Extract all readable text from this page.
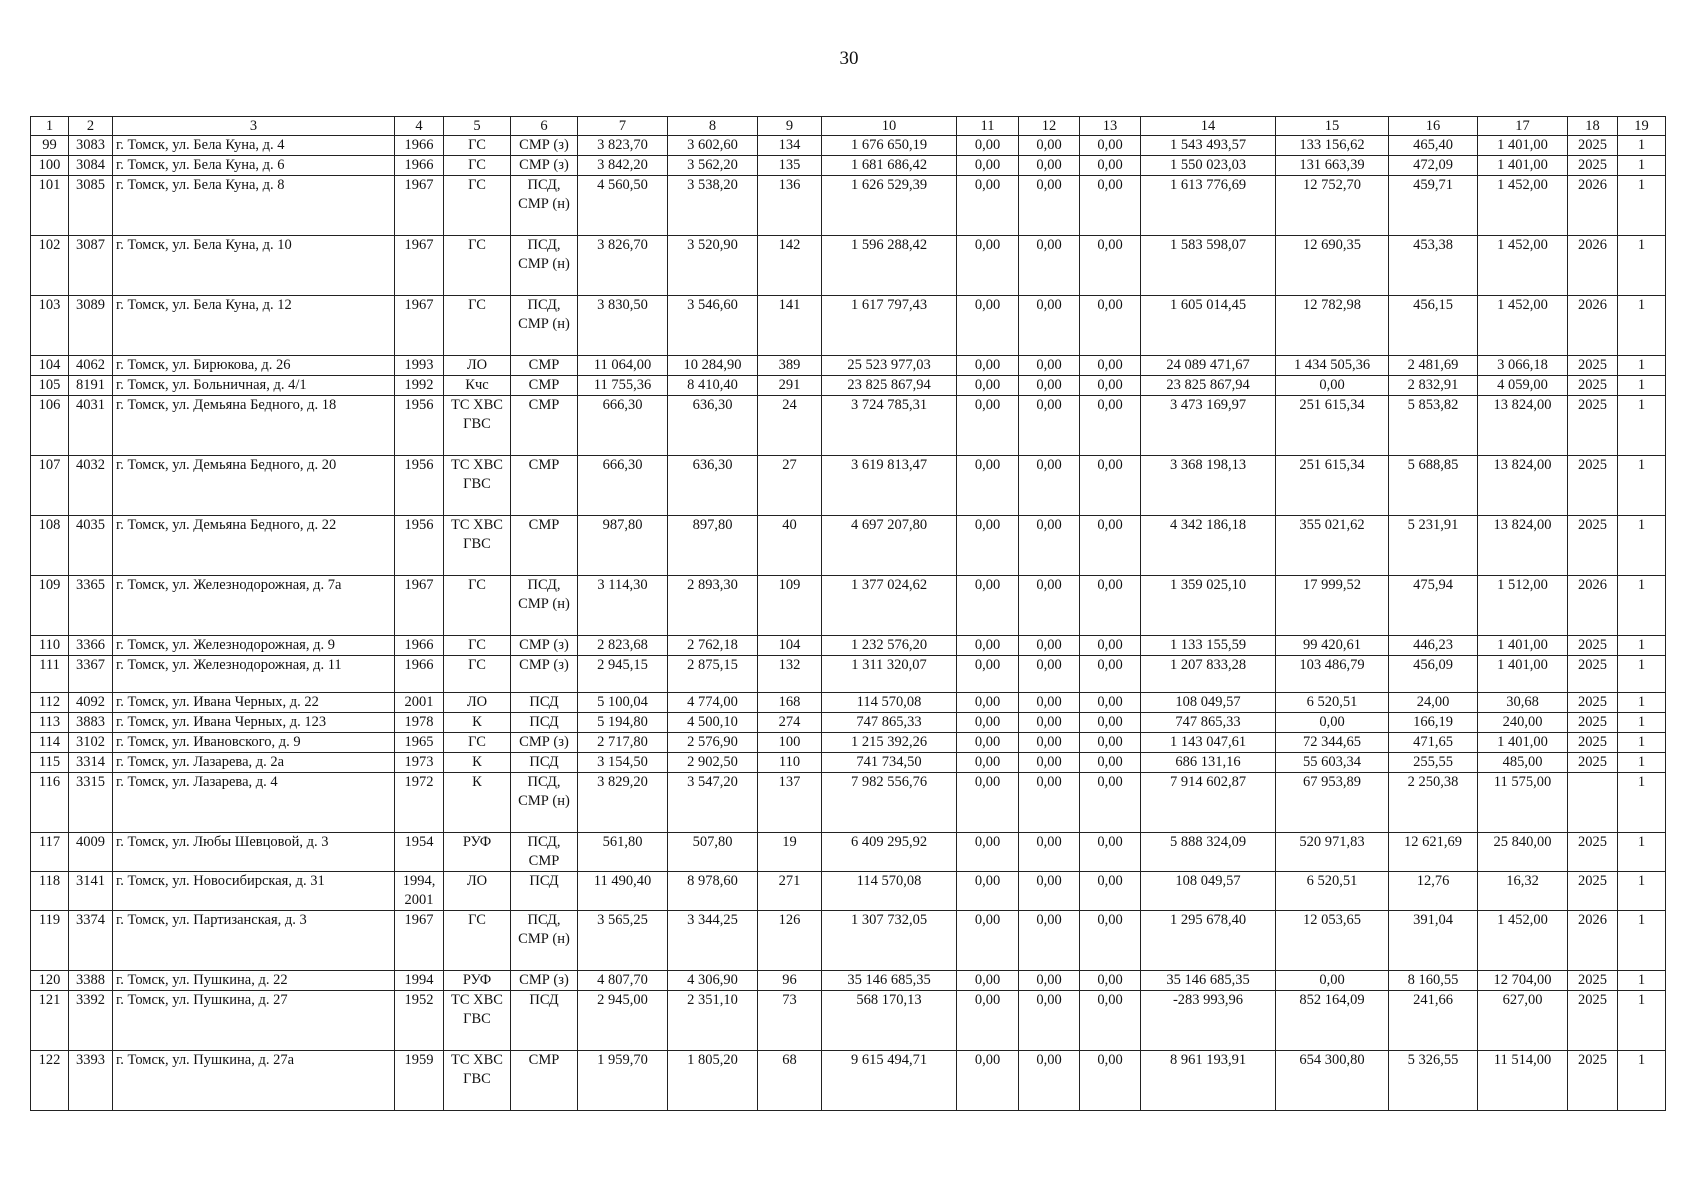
30
1	2	3	4	5	6	7	8	9	10	11	12	13	14	15	16	17	18	19
99	3083	г. Томск, ул. Бела Куна, д. 4	1966	ГС	СМР (з)	3 823,70	3 602,60	134	1 676 650,19	0,00	0,00	0,00	1 543 493,57	133 156,62	465,40	1 401,00	2025	1
100	3084	г. Томск, ул. Бела Куна, д. 6	1966	ГС	СМР (з)	3 842,20	3 562,20	135	1 681 686,42	0,00	0,00	0,00	1 550 023,03	131 663,39	472,09	1 401,00	2025	1
101	3085	г. Томск, ул. Бела Куна, д. 8	1967	ГС	ПСД, СМР (н)	4 560,50	3 538,20	136	1 626 529,39	0,00	0,00	0,00	1 613 776,69	12 752,70	459,71	1 452,00	2026	1
102	3087	г. Томск, ул. Бела Куна, д. 10	1967	ГС	ПСД, СМР (н)	3 826,70	3 520,90	142	1 596 288,42	0,00	0,00	0,00	1 583 598,07	12 690,35	453,38	1 452,00	2026	1
103	3089	г. Томск, ул. Бела Куна, д. 12	1967	ГС	ПСД, СМР (н)	3 830,50	3 546,60	141	1 617 797,43	0,00	0,00	0,00	1 605 014,45	12 782,98	456,15	1 452,00	2026	1
104	4062	г. Томск, ул. Бирюкова, д. 26	1993	ЛО	СМР	11 064,00	10 284,90	389	25 523 977,03	0,00	0,00	0,00	24 089 471,67	1 434 505,36	2 481,69	3 066,18	2025	1
105	8191	г. Томск, ул. Больничная, д. 4/1	1992	Кчс	СМР	11 755,36	8 410,40	291	23 825 867,94	0,00	0,00	0,00	23 825 867,94	0,00	2 832,91	4 059,00	2025	1
106	4031	г. Томск, ул. Демьяна Бедного, д. 18	1956	ТС ХВС ГВС	СМР	666,30	636,30	24	3 724 785,31	0,00	0,00	0,00	3 473 169,97	251 615,34	5 853,82	13 824,00	2025	1
107	4032	г. Томск, ул. Демьяна Бедного, д. 20	1956	ТС ХВС ГВС	СМР	666,30	636,30	27	3 619 813,47	0,00	0,00	0,00	3 368 198,13	251 615,34	5 688,85	13 824,00	2025	1
108	4035	г. Томск, ул. Демьяна Бедного, д. 22	1956	ТС ХВС ГВС	СМР	987,80	897,80	40	4 697 207,80	0,00	0,00	0,00	4 342 186,18	355 021,62	5 231,91	13 824,00	2025	1
109	3365	г. Томск, ул. Железнодорожная, д. 7а	1967	ГС	ПСД, СМР (н)	3 114,30	2 893,30	109	1 377 024,62	0,00	0,00	0,00	1 359 025,10	17 999,52	475,94	1 512,00	2026	1
110	3366	г. Томск, ул. Железнодорожная, д. 9	1966	ГС	СМР (з)	2 823,68	2 762,18	104	1 232 576,20	0,00	0,00	0,00	1 133 155,59	99 420,61	446,23	1 401,00	2025	1
111	3367	г. Томск, ул. Железнодорожная, д. 11	1966	ГС	СМР (з)	2 945,15	2 875,15	132	1 311 320,07	0,00	0,00	0,00	1 207 833,28	103 486,79	456,09	1 401,00	2025	1
112	4092	г. Томск, ул. Ивана Черных, д. 22	2001	ЛО	ПСД	5 100,04	4 774,00	168	114 570,08	0,00	0,00	0,00	108 049,57	6 520,51	24,00	30,68	2025	1
113	3883	г. Томск, ул. Ивана Черных, д. 123	1978	К	ПСД	5 194,80	4 500,10	274	747 865,33	0,00	0,00	0,00	747 865,33	0,00	166,19	240,00	2025	1
114	3102	г. Томск, ул. Ивановского, д. 9	1965	ГС	СМР (з)	2 717,80	2 576,90	100	1 215 392,26	0,00	0,00	0,00	1 143 047,61	72 344,65	471,65	1 401,00	2025	1
115	3314	г. Томск, ул. Лазарева, д. 2а	1973	К	ПСД	3 154,50	2 902,50	110	741 734,50	0,00	0,00	0,00	686 131,16	55 603,34	255,55	485,00	2025	1
116	3315	г. Томск, ул. Лазарева, д. 4	1972	К	ПСД, СМР (н)	3 829,20	3 547,20	137	7 982 556,76	0,00	0,00	0,00	7 914 602,87	67 953,89	2 250,38	11 575,00		1
117	4009	г. Томск, ул. Любы Шевцовой, д. 3	1954	РУФ	ПСД, СМР	561,80	507,80	19	6 409 295,92	0,00	0,00	0,00	5 888 324,09	520 971,83	12 621,69	25 840,00	2025	1
118	3141	г. Томск, ул. Новосибирская, д. 31	1994, 2001	ЛО	ПСД	11 490,40	8 978,60	271	114 570,08	0,00	0,00	0,00	108 049,57	6 520,51	12,76	16,32	2025	1
119	3374	г. Томск, ул. Партизанская, д. 3	1967	ГС	ПСД, СМР (н)	3 565,25	3 344,25	126	1 307 732,05	0,00	0,00	0,00	1 295 678,40	12 053,65	391,04	1 452,00	2026	1
120	3388	г. Томск, ул. Пушкина, д. 22	1994	РУФ	СМР (з)	4 807,70	4 306,90	96	35 146 685,35	0,00	0,00	0,00	35 146 685,35	0,00	8 160,55	12 704,00	2025	1
121	3392	г. Томск, ул. Пушкина, д. 27	1952	ТС ХВС ГВС	ПСД	2 945,00	2 351,10	73	568 170,13	0,00	0,00	0,00	-283 993,96	852 164,09	241,66	627,00	2025	1
122	3393	г. Томск, ул. Пушкина, д. 27а	1959	ТС ХВС ГВС	СМР	1 959,70	1 805,20	68	9 615 494,71	0,00	0,00	0,00	8 961 193,91	654 300,80	5 326,55	11 514,00	2025	1
